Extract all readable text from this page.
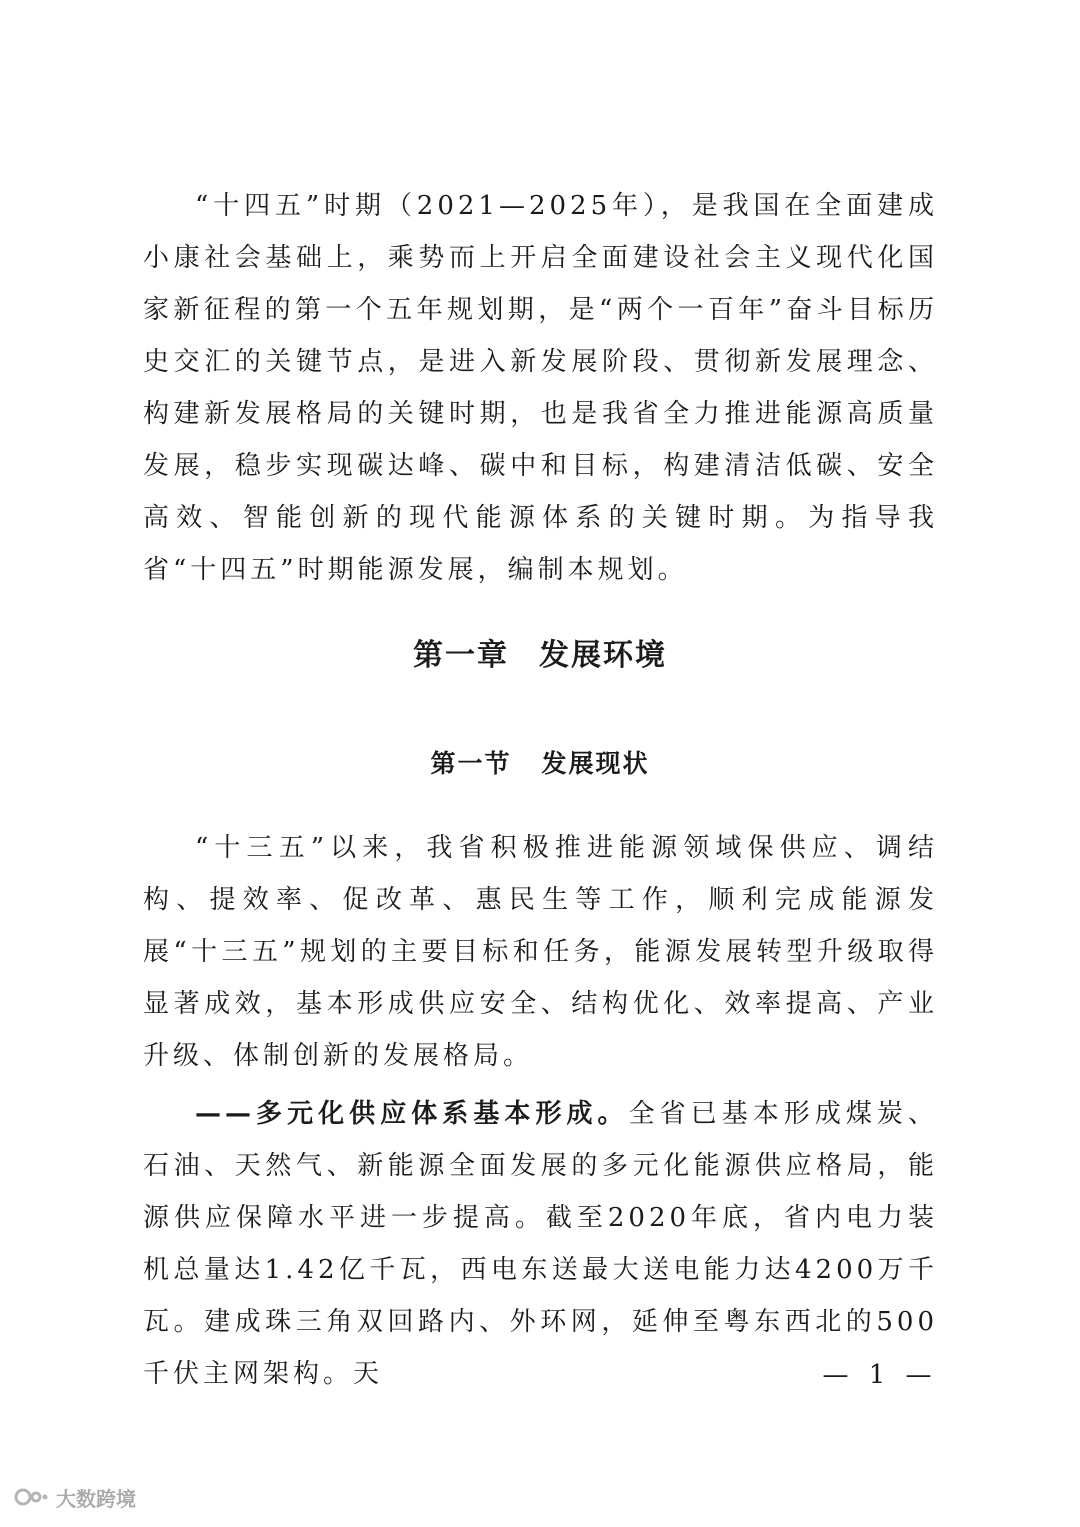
“十四五”时期（2021—2025年），是我国在全面建成小康社会基础上，乘势而上开启全面建设社会主义现代化国家新征程的第一个五年规划期，是“两个一百年”奋斗目标历史交汇的关键节点，是进入新发展阶段、贯彻新发展理念、构建新发展格局的关键时期，也是我省全力推进能源高质量发展，稳步实现碳达峰、碳中和目标，构建清洁低碳、安全高效、智能创新的现代能源体系的关键时期。为指导我省“十四五”时期能源发展，编制本规划。

第一章 发展环境
第一节 发展现状

“十三五”以来，我省积极推进能源领域保供应、调结构、提效率、促改革、惠民生等工作，顺利完成能源发展“十三五”规划的主要目标和任务，能源发展转型升级取得显著成效，基本形成供应安全、结构优化、效率提高、产业升级、体制创新的发展格局。

——多元化供应体系基本形成。全省已基本形成煤炭、石油、天然气、新能源全面发展的多元化能源供应格局，能源供应保障水平进一步提高。截至2020年底，省内电力装机总量达1.42亿千瓦，西电东送最大送电能力达4200万千瓦。建成珠三角双回路内、外环网，延伸至粤东西北的500千伏主网架构。天	— 1 —
大数跨境
